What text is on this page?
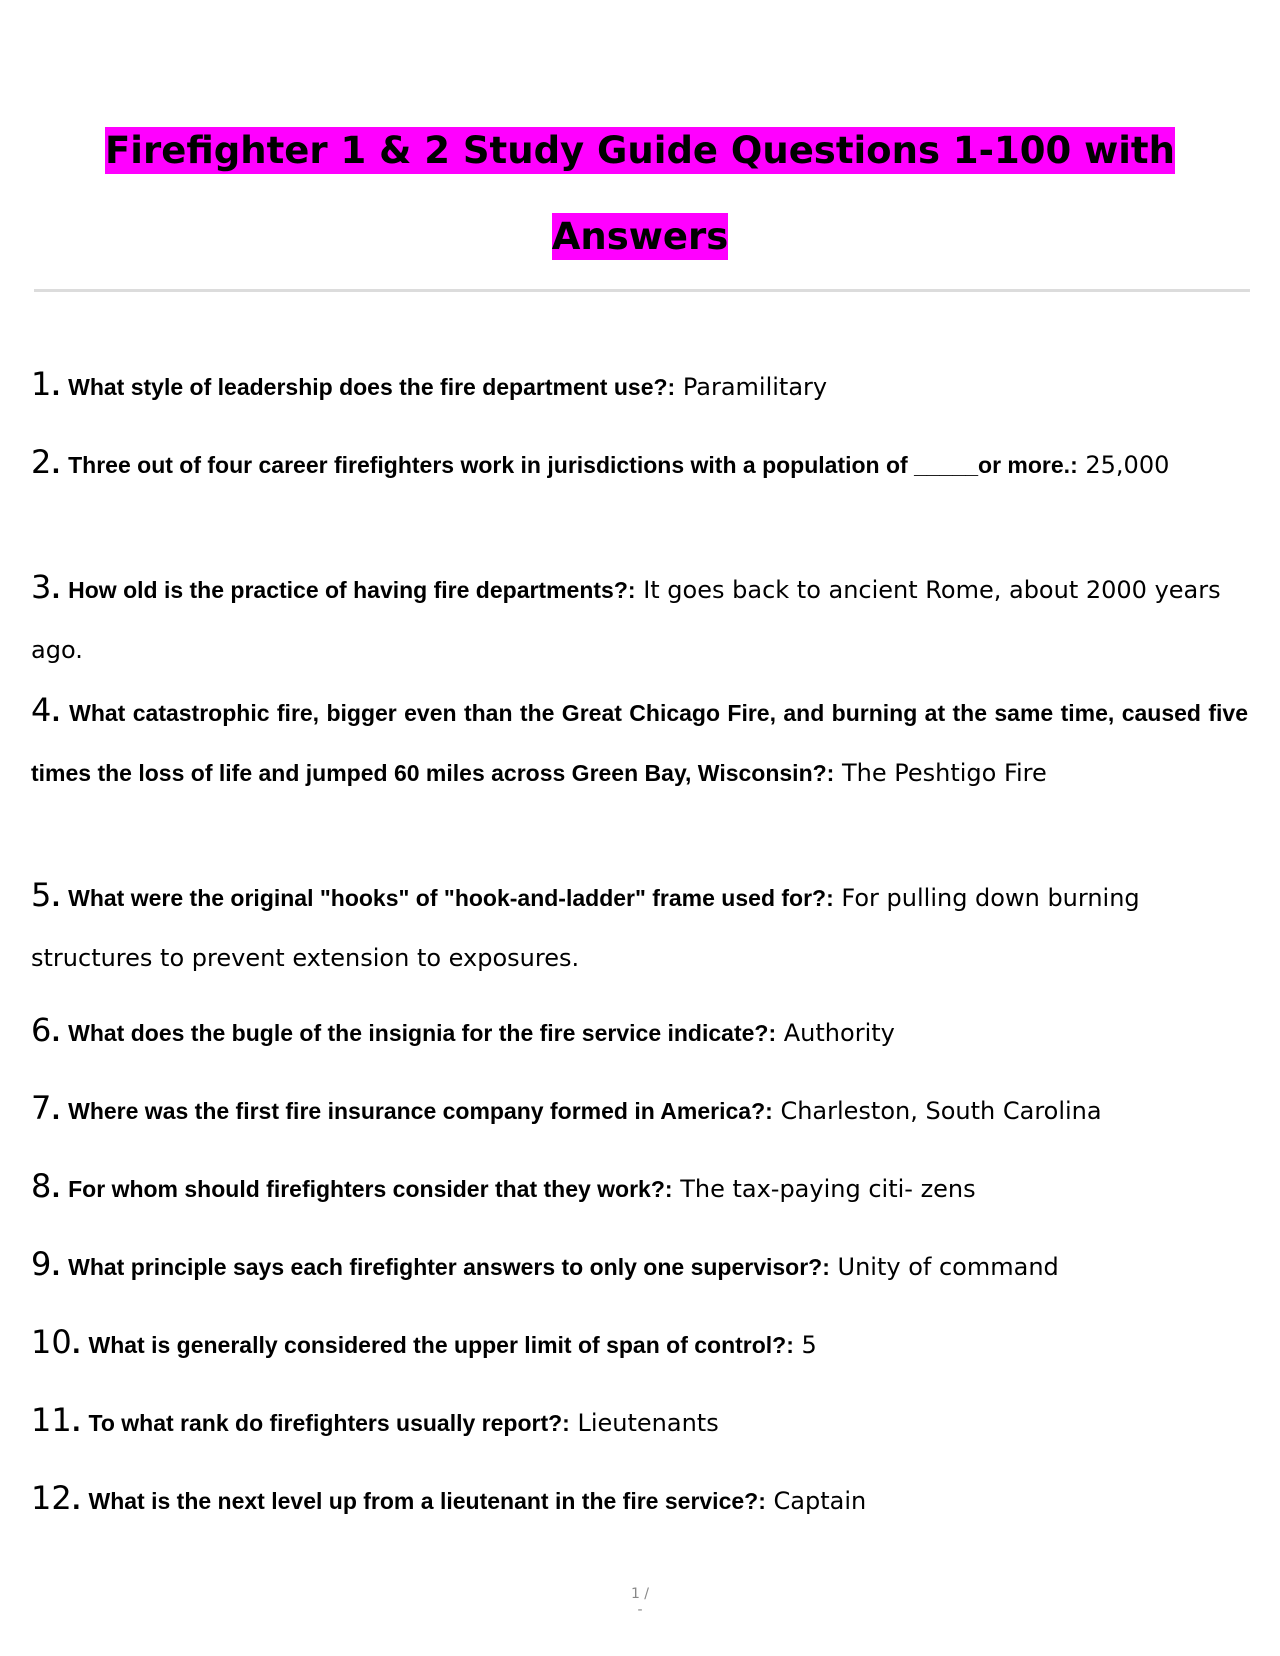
Firefighter 1 & 2 Study Guide Questions 1-100 with
Answers
1. What style of leadership does the fire department use?: Paramilitary
2. Three out of four career firefighters work in jurisdictions with a population of _____or more.: 25,000
3. How old is the practice of having fire departments?: It goes back to ancient Rome, about 2000 years ago.
4. What catastrophic fire, bigger even than the Great Chicago Fire, and burning at the same time, caused five times the loss of life and jumped 60 miles across Green Bay, Wisconsin?: The Peshtigo Fire
5. What were the original "hooks" of "hook-and-ladder" frame used for?: For pulling down burning structures to prevent extension to exposures.
6. What does the bugle of the insignia for the fire service indicate?: Authority
7. Where was the first fire insurance company formed in America?: Charleston, South Carolina
8. For whom should firefighters consider that they work?: The tax-paying citi- zens
9. What principle says each firefighter answers to only one supervisor?: Unity of command
10. What is generally considered the upper limit of span of control?: 5
11. To what rank do firefighters usually report?: Lieutenants
12. What is the next level up from a lieutenant in the fire service?: Captain
1 /
-
